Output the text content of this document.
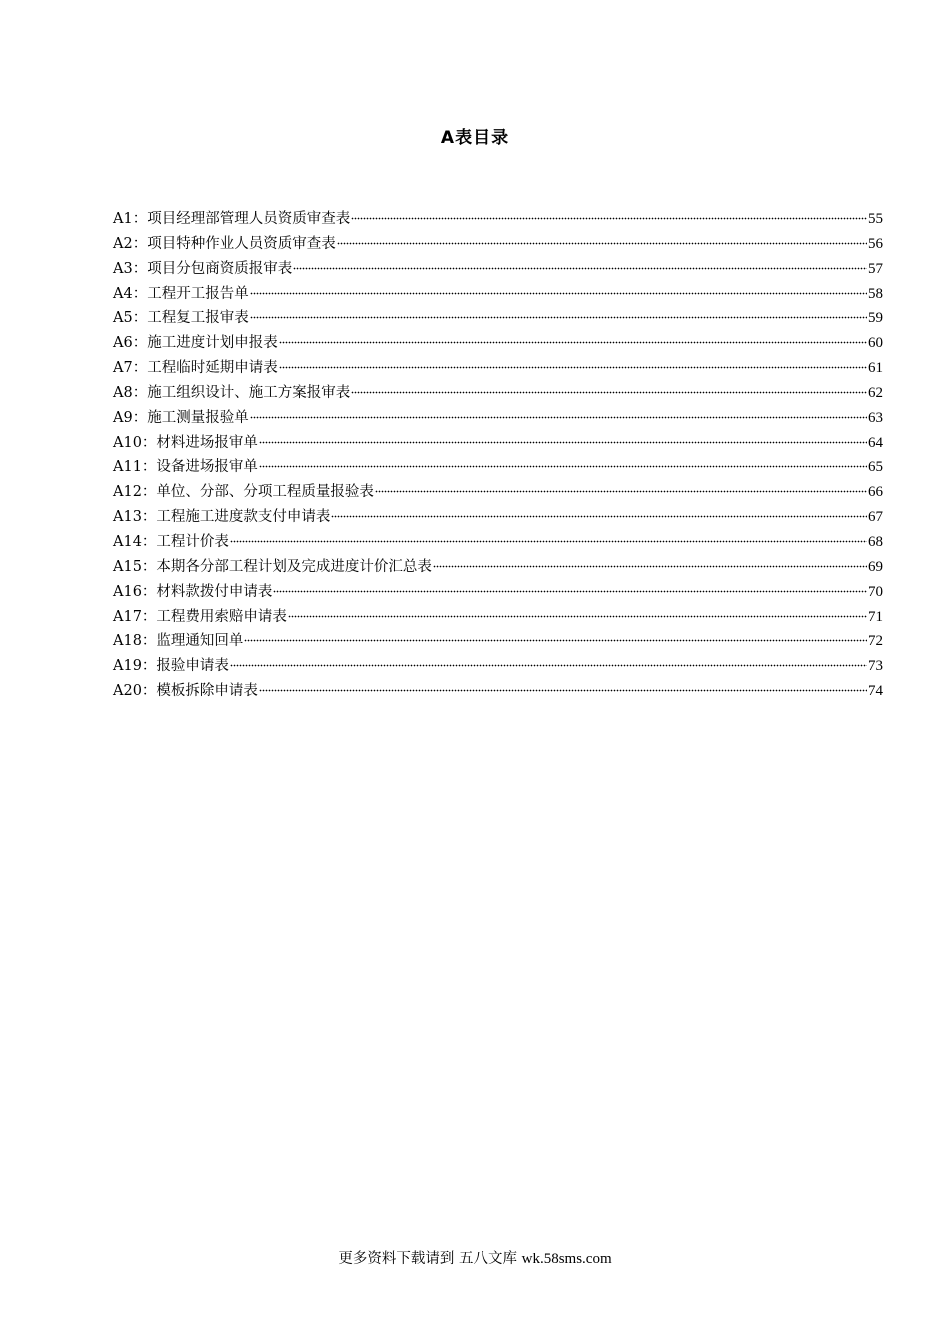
A表目录
A1：项目经理部管理人员资质审查表	55
A2：项目特种作业人员资质审查表	56
A3：项目分包商资质报审表	57
A4：工程开工报告单	58
A5：工程复工报审表	59
A6：施工进度计划申报表	60
A7：工程临时延期申请表	61
A8：施工组织设计、施工方案报审表	62
A9：施工测量报验单	63
A10：材料进场报审单	64
A11：设备进场报审单	65
A12：单位、分部、分项工程质量报验表	66
A13：工程施工进度款支付申请表	67
A14：工程计价表	68
A15：本期各分部工程计划及完成进度计价汇总表	69
A16：材料款拨付申请表	70
A17：工程费用索赔申请表	71
A18：监理通知回单	72
A19：报验申请表	73
A20：模板拆除申请表	74
更多资料下载请到 五八文库 wk.58sms.com
